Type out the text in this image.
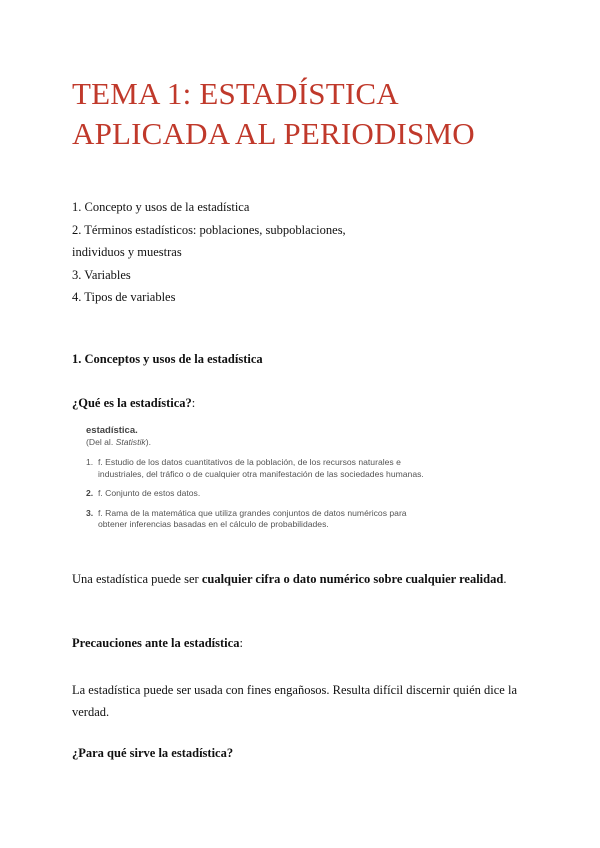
TEMA 1: ESTADÍSTICA APLICADA AL PERIODISMO
1. Concepto y usos de la estadística
2. Términos estadísticos: poblaciones, subpoblaciones,
individuos y muestras
3. Variables
4. Tipos de variables

1. Conceptos y usos de la estadística

¿Qué es la estadística?:

estadística.
(Del al. Statistik).
1. f. Estudio de los datos cuantitativos de la población, de los recursos naturales e industriales, del tráfico o de cualquier otra manifestación de las sociedades humanas.
2. f. Conjunto de estos datos.
3. f. Rama de la matemática que utiliza grandes conjuntos de datos numéricos para obtener inferencias basadas en el cálculo de probabilidades.

Una estadística puede ser cualquier cifra o dato numérico sobre cualquier realidad.

Precauciones ante la estadística:

La estadística puede ser usada con fines engañosos. Resulta difícil discernir quién dice la verdad.

¿Para qué sirve la estadística?
